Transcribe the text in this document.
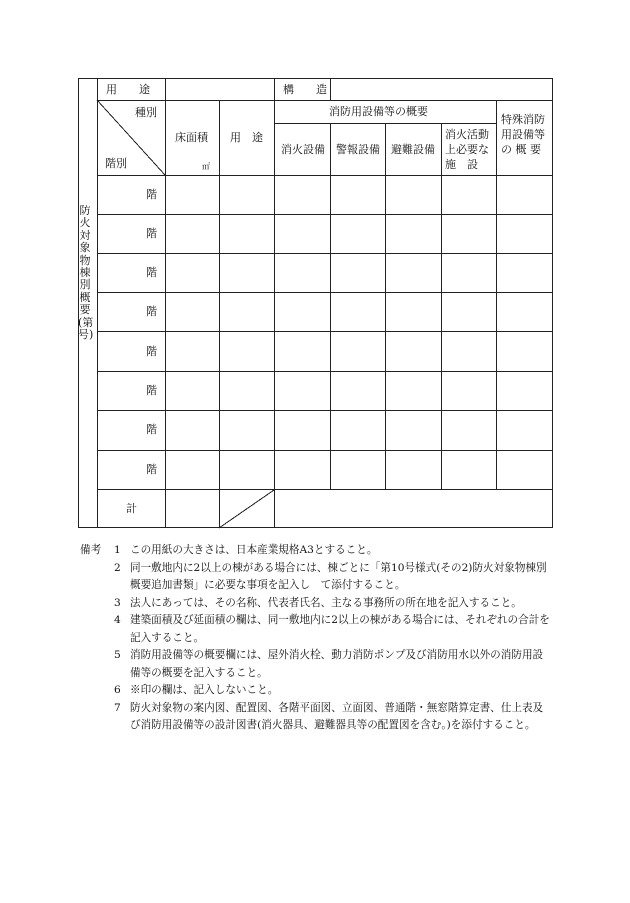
防火対象物棟別概要(第　　　号)
用　　途	構　　造
種別
階別
床面積
㎡
用　途
消防用設備等の概要
消火設備 警報設備 避難設備
消火活動上必要な施　設
特殊消防用設備等の 概 要
階
階
階
階
階
階
階
階
計
備考 1 この用紙の大きさは、日本産業規格A3とすること。
2 同一敷地内に2以上の棟がある場合には、棟ごとに「第10号様式(その2)防火対象物棟別概要追加書類」に必要な事項を記入し　て添付すること。
3 法人にあっては、その名称、代表者氏名、主なる事務所の所在地を記入すること。
4 建築面積及び延面積の欄は、同一敷地内に2以上の棟がある場合には、それぞれの合計を記入すること。
5 消防用設備等の概要欄には、屋外消火栓、動力消防ポンプ及び消防用水以外の消防用設備等の概要を記入すること。
6 ※印の欄は、記入しないこと。
7 防火対象物の案内図、配置図、各階平面図、立面図、普通階・無窓階算定書、仕上表及び消防用設備等の設計図書(消火器具、避難器具等の配置図を含む。)を添付すること。
